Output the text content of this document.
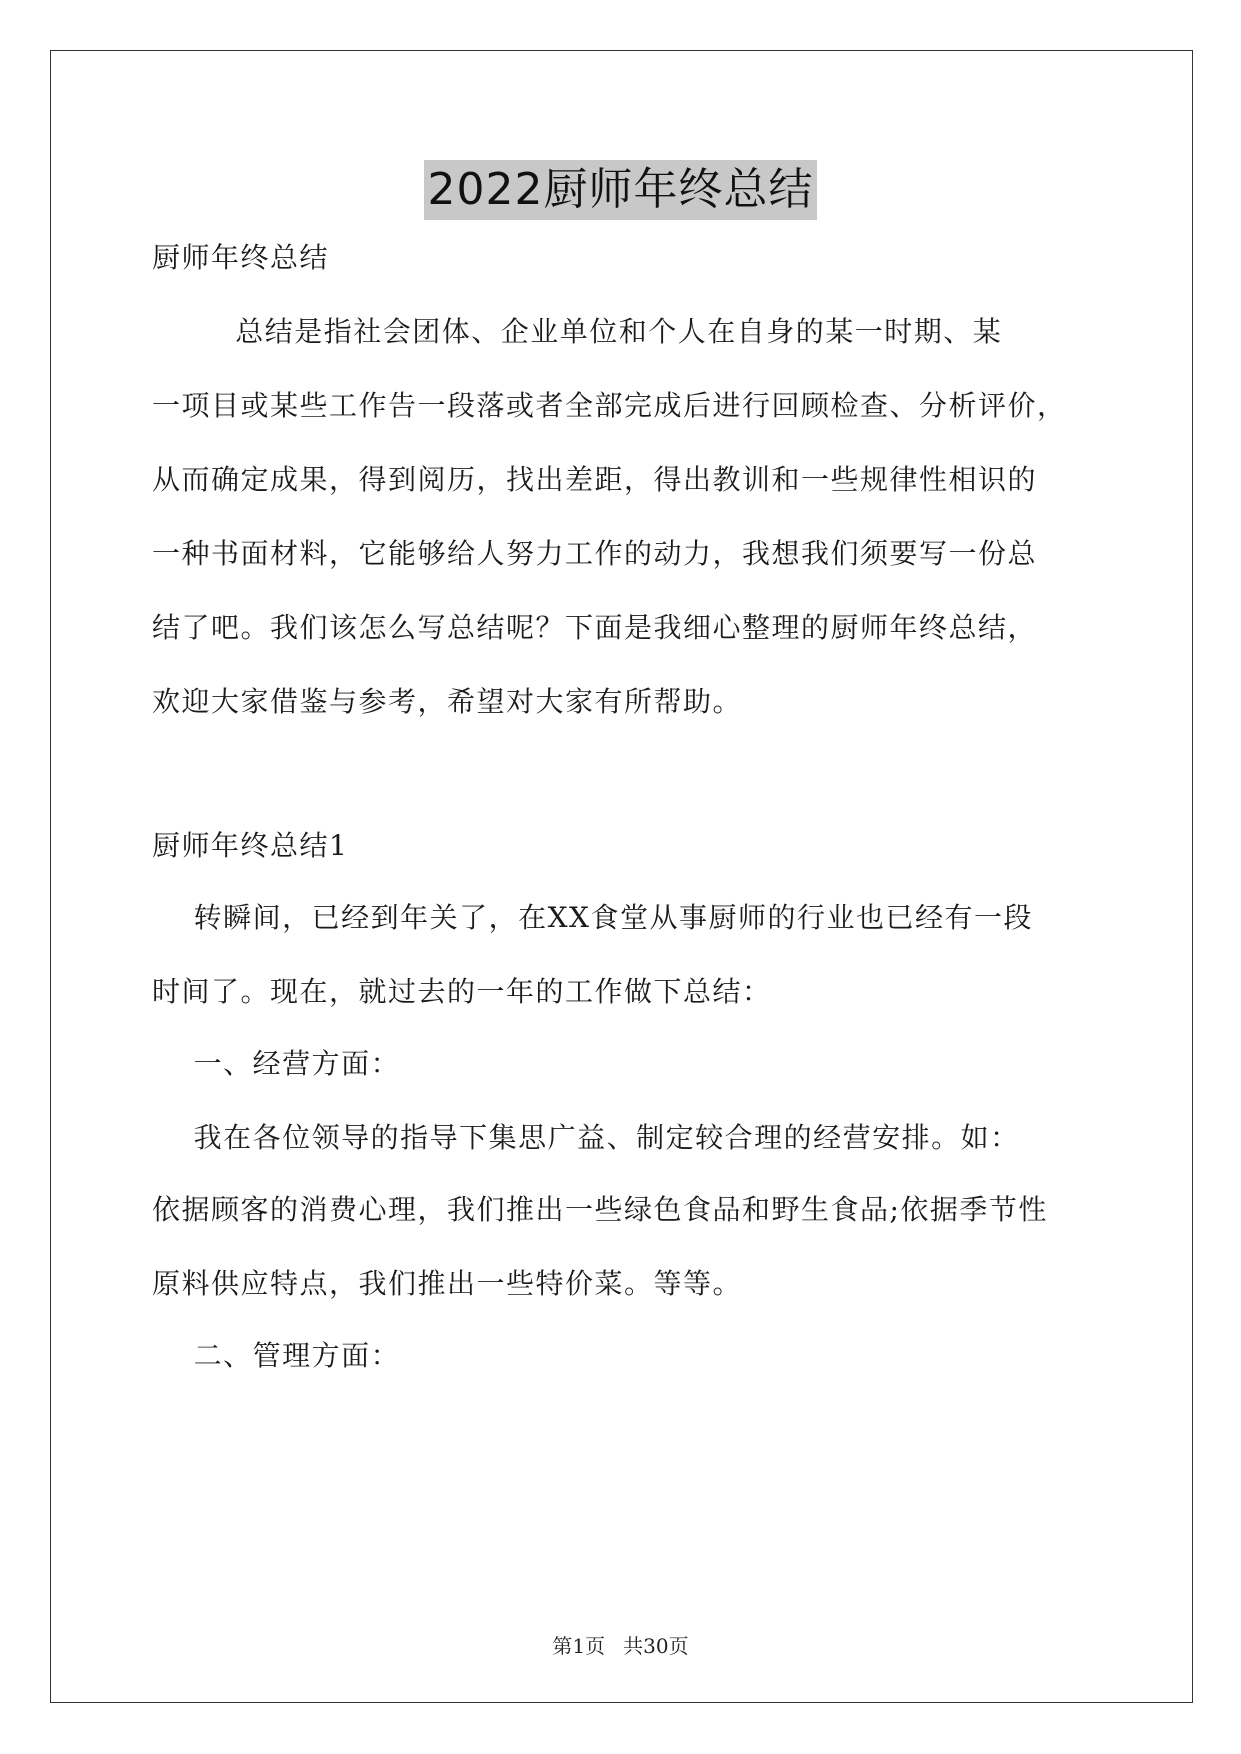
2022厨师年终总结
厨师年终总结
总结是指社会团体、企业单位和个人在自身的某一时期、某
一项目或某些工作告一段落或者全部完成后进行回顾检查、分析评价，
从而确定成果，得到阅历，找出差距，得出教训和一些规律性相识的
一种书面材料，它能够给人努力工作的动力，我想我们须要写一份总
结了吧。我们该怎么写总结呢？下面是我细心整理的厨师年终总结，
欢迎大家借鉴与参考，希望对大家有所帮助。
厨师年终总结1
转瞬间，已经到年关了，在XX食堂从事厨师的行业也已经有一段
时间了。现在，就过去的一年的工作做下总结：
一、经营方面：
我在各位领导的指导下集思广益、制定较合理的经营安排。如：
依据顾客的消费心理，我们推出一些绿色食品和野生食品;依据季节性
原料供应特点，我们推出一些特价菜。等等。
二、管理方面：
第1页 共30页
